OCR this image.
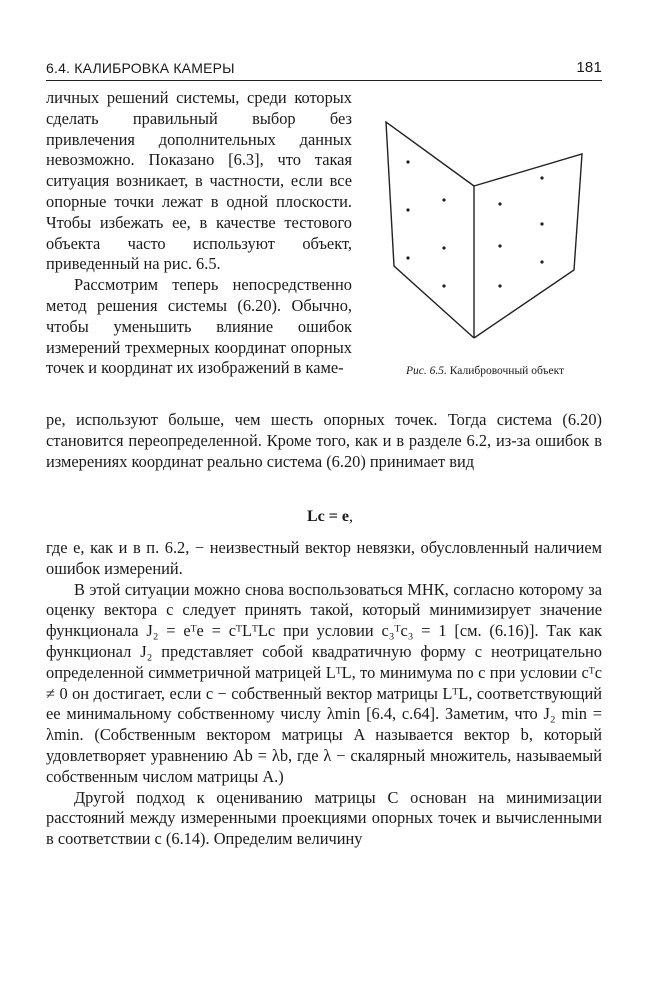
6.4. КАЛИБРОВКА КАМЕРЫ	181

личных решений системы, среди которых сделать правильный выбор без привлечения дополнительных данных невозможно. Показано [6.3], что такая ситуация возникает, в частности, если все опорные точки лежат в одной плоскости. Чтобы избежать ее, в качестве тестового объекта часто используют объект, приведенный на рис. 6.5.

Рассмотрим теперь непосредственно метод решения системы (6.20). Обычно, чтобы уменьшить влияние ошибок измерений трехмерных координат опорных точек и координат их изображений в каме-	Рис. 6.5. Калибровочный объект

ре, используют больше, чем шесть опорных точек. Тогда система (6.20) становится переопределенной. Кроме того, как и в разделе 6.2, из-за ошибок в измерениях координат реально система (6.20) принимает вид

Lc = e,

где e, как и в п. 6.2, − неизвестный вектор невязки, обусловленный наличием ошибок измерений.

В этой ситуации можно снова воспользоваться МНК, согласно которому за оценку вектора c следует принять такой, который минимизирует значение функционала J₂ = eᵀe = cᵀLᵀLc при условии c₃ᵀc₃ = 1 [см. (6.16)]. Так как функционал J₂ представляет собой квадратичную форму с неотрицательно определенной симметричной матрицей LᵀL, то минимума по c при условии cᵀc ≠ 0 он достигает, если c − собственный вектор матрицы LᵀL, соответствующий ее минимальному собственному числу λmin [6.4, с.64]. Заметим, что J₂ min = λmin. (Собственным вектором матрицы A называется вектор b, который удовлетворяет уравнению Ab = λb, где λ − скалярный множитель, называемый собственным числом матрицы A.)

Другой подход к оцениванию матрицы C основан на минимизации расстояний между измеренными проекциями опорных точек и вычисленными в соответствии с (6.14). Определим величину
